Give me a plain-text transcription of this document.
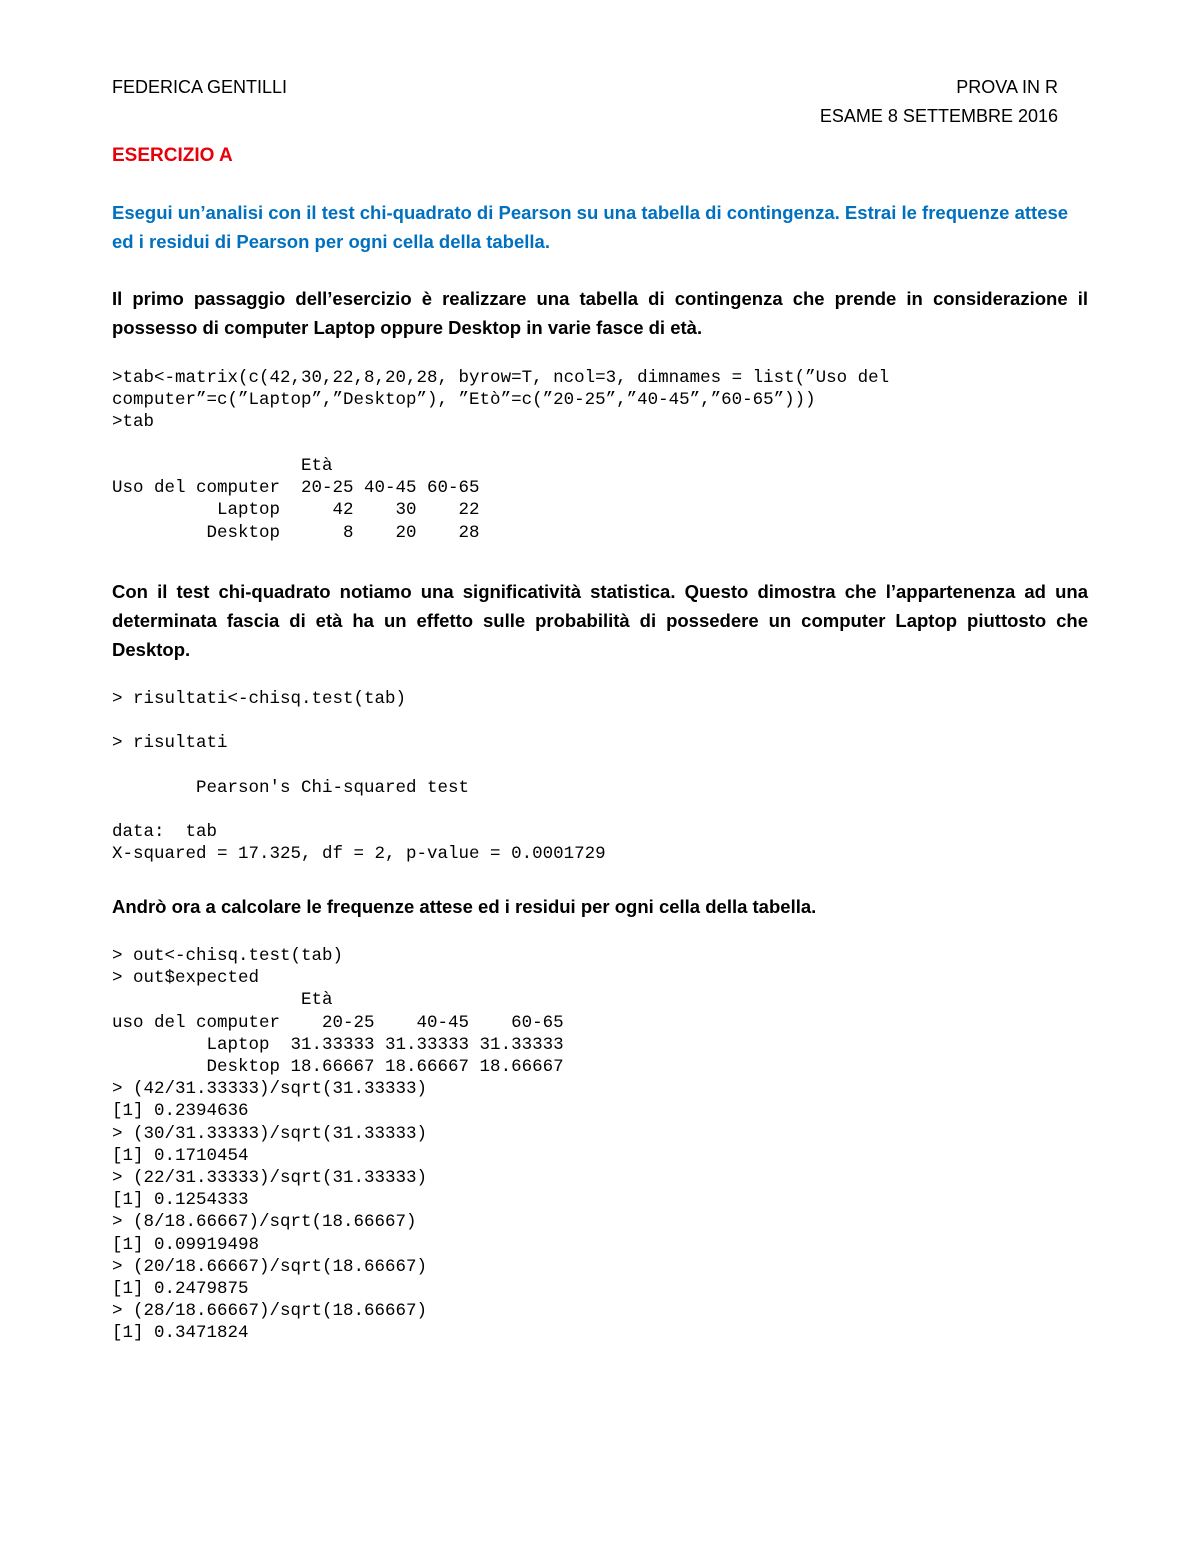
FEDERICA GENTILLI	PROVA IN R
ESAME 8 SETTEMBRE 2016
ESERCIZIO A
Esegui un’analisi con il test chi-quadrato di Pearson su una tabella di contingenza. Estrai le frequenze attese ed i residui di Pearson per ogni cella della tabella.
Il primo passaggio dell’esercizio è realizzare una tabella di contingenza che prende in considerazione il possesso di computer Laptop oppure Desktop in varie fasce di età.
>tab<-matrix(c(42,30,22,8,20,28, byrow=T, ncol=3, dimnames = list(”Uso del
computer”=c(”Laptop”,”Desktop”), ”Etò”=c(”20-25”,”40-45”,”60-65”)))
>tab
Età
Uso del computer  20-25 40-45 60-65
Laptop     42    30    22
Desktop      8    20    28
Con il test chi-quadrato notiamo una significatività statistica. Questo dimostra che l’appartenenza ad una determinata fascia di età ha un effetto sulle probabilità di possedere un computer Laptop piuttosto che Desktop.
> risultati<-chisq.test(tab)
> risultati
Pearson's Chi-squared test
data:  tab
X-squared = 17.325, df = 2, p-value = 0.0001729
Andrò ora a calcolare le frequenze attese ed i residui per ogni cella della tabella.
> out<-chisq.test(tab)
> out$expected
Età
uso del computer    20-25    40-45    60-65
Laptop  31.33333 31.33333 31.33333
Desktop 18.66667 18.66667 18.66667
> (42/31.33333)/sqrt(31.33333)
[1] 0.2394636
> (30/31.33333)/sqrt(31.33333)
[1] 0.1710454
> (22/31.33333)/sqrt(31.33333)
[1] 0.1254333
> (8/18.66667)/sqrt(18.66667)
[1] 0.09919498
> (20/18.66667)/sqrt(18.66667)
[1] 0.2479875
> (28/18.66667)/sqrt(18.66667)
[1] 0.3471824
